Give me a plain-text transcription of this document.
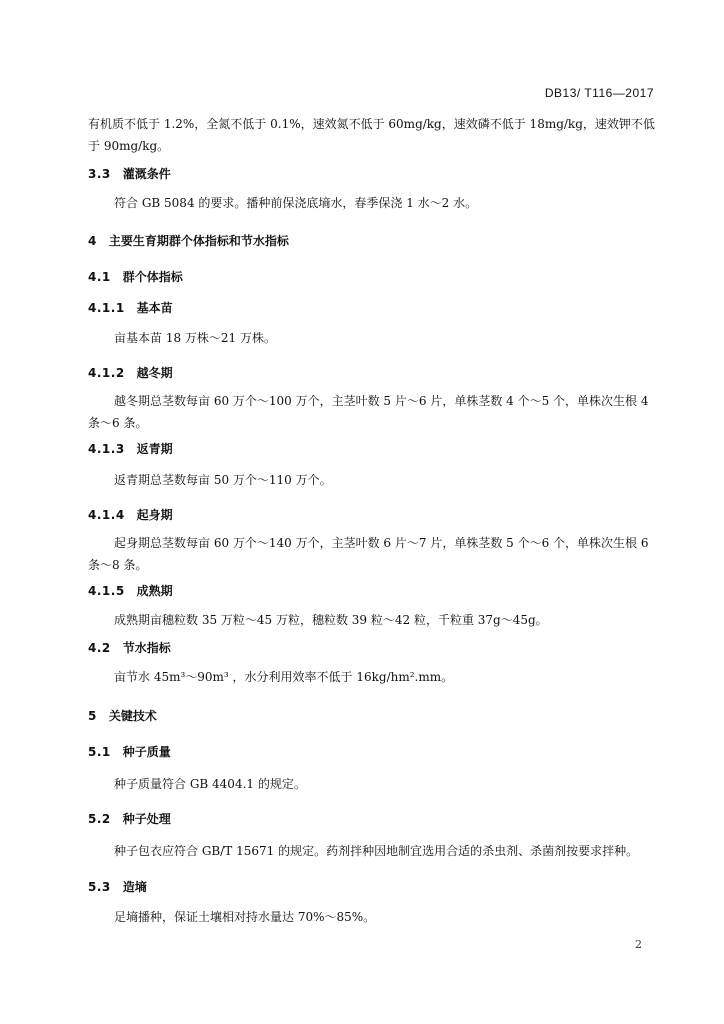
DB13/ T116—2017
有机质不低于 1.2%，全氮不低于 0.1%，速效氮不低于 60mg/kg，速效磷不低于 18mg/kg，速效钾不低于 90mg/kg。
3.3 灌溉条件
符合 GB 5084 的要求。播种前保浇底墒水，春季保浇 1 水～2 水。
4 主要生育期群个体指标和节水指标
4.1 群个体指标
4.1.1 基本苗
亩基本苗 18 万株～21 万株。
4.1.2 越冬期
越冬期总茎数每亩 60 万个～100 万个，主茎叶数 5 片～6 片，单株茎数 4 个～5 个，单株次生根 4 条～6 条。
4.1.3 返青期
返青期总茎数每亩 50 万个～110 万个。
4.1.4 起身期
起身期总茎数每亩 60 万个～140 万个，主茎叶数 6 片～7 片，单株茎数 5 个～6 个，单株次生根 6 条～8 条。
4.1.5 成熟期
成熟期亩穗粒数 35 万粒～45 万粒，穗粒数 39 粒～42 粒，千粒重 37g～45g。
4.2 节水指标
亩节水 45m³～90m³ ，水分利用效率不低于 16kg/hm².mm。
5 关键技术
5.1 种子质量
种子质量符合 GB 4404.1 的规定。
5.2 种子处理
种子包衣应符合 GB/T 15671 的规定。药剂拌种因地制宜选用合适的杀虫剂、杀菌剂按要求拌种。
5.3 造墒
足墒播种，保证土壤相对持水量达 70%～85%。
2
